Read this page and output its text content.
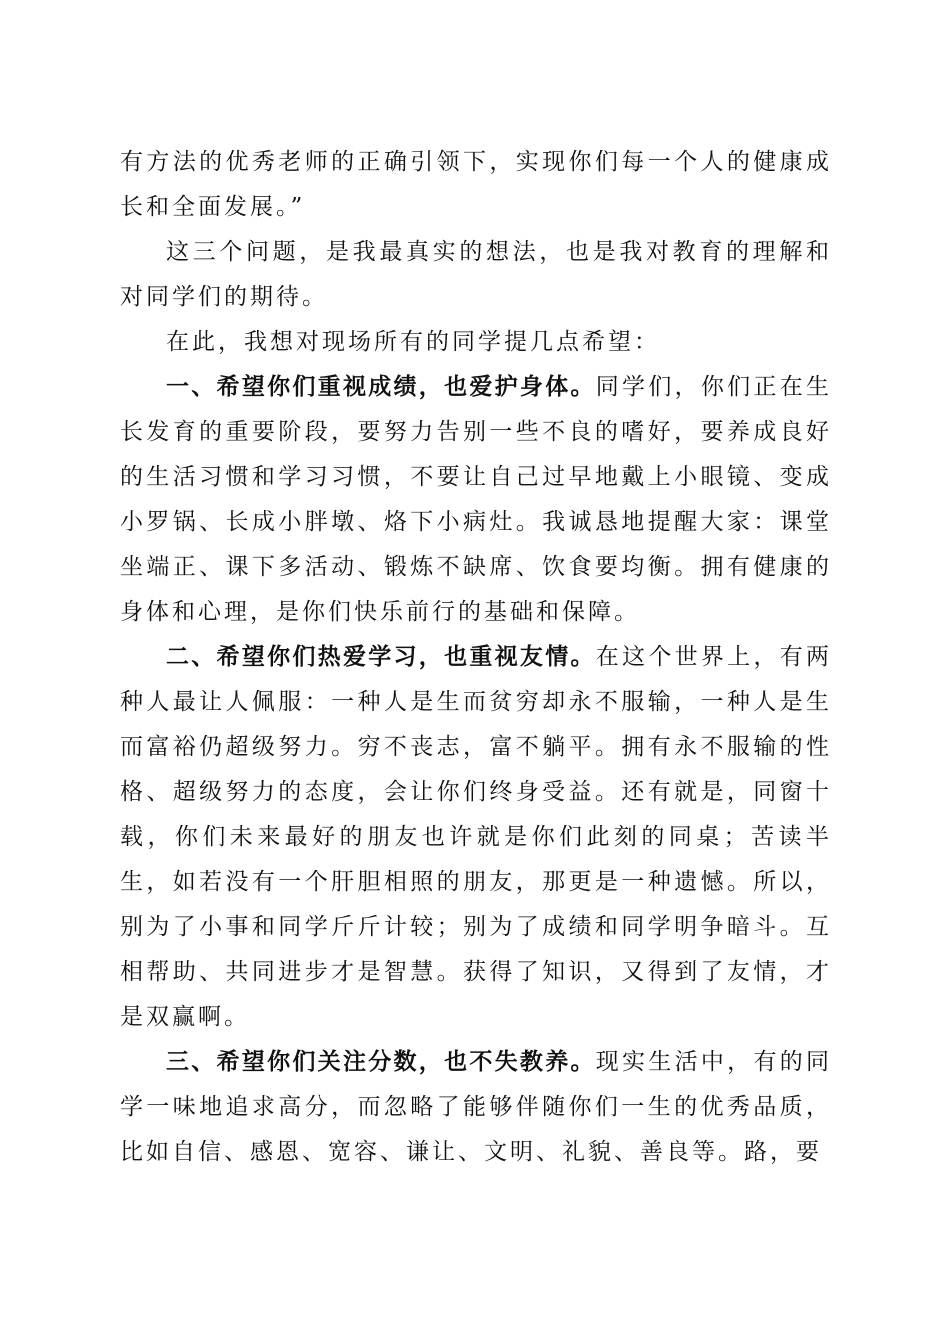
有方法的优秀老师的正确引领下，实现你们每一个人的健康成长和全面发展。”

这三个问题，是我最真实的想法，也是我对教育的理解和对同学们的期待。

在此，我想对现场所有的同学提几点希望：

一、希望你们重视成绩，也爱护身体。同学们，你们正在生长发育的重要阶段，要努力告别一些不良的嗜好，要养成良好的生活习惯和学习习惯，不要让自己过早地戴上小眼镜、变成小罗锅、长成小胖墩、烙下小病灶。我诚恳地提醒大家：课堂坐端正、课下多活动、锻炼不缺席、饮食要均衡。拥有健康的身体和心理，是你们快乐前行的基础和保障。

二、希望你们热爱学习，也重视友情。在这个世界上，有两种人最让人佩服：一种人是生而贫穷却永不服输，一种人是生而富裕仍超级努力。穷不丧志，富不躺平。拥有永不服输的性格、超级努力的态度，会让你们终身受益。还有就是，同窗十载，你们未来最好的朋友也许就是你们此刻的同桌；苦读半生，如若没有一个肝胆相照的朋友，那更是一种遗憾。所以，别为了小事和同学斤斤计较；别为了成绩和同学明争暗斗。互相帮助、共同进步才是智慧。获得了知识，又得到了友情，才是双赢啊。

三、希望你们关注分数，也不失教养。现实生活中，有的同学一味地追求高分，而忽略了能够伴随你们一生的优秀品质，比如自信、感恩、宽容、谦让、文明、礼貌、善良等。路，要
